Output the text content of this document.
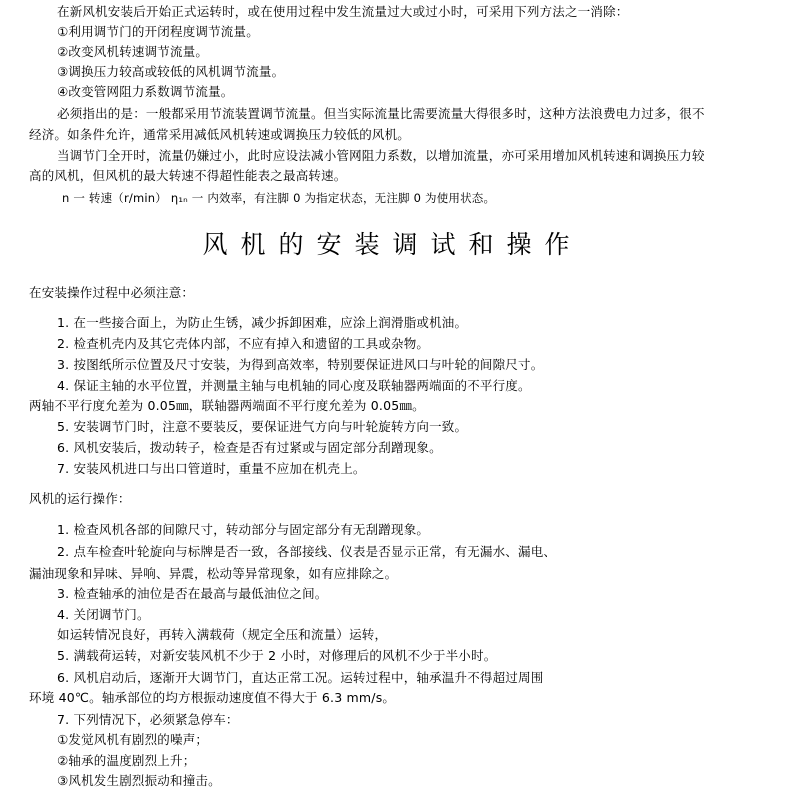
在新风机安装后开始正式运转时，或在使用过程中发生流量过大或过小时，可采用下列方法之一消除：
①利用调节门的开闭程度调节流量。
②改变风机转速调节流量。
③调换压力较高或较低的风机调节流量。
④改变管网阻力系数调节流量。
必须指出的是：一般都采用节流装置调节流量。但当实际流量比需要流量大得很多时，这种方法浪费电力过多，很不
经济。如条件允许，通常采用减低风机转速或调换压力较低的风机。
当调节门全开时，流量仍嫌过小，此时应设法减小管网阻力系数，以增加流量，亦可采用增加风机转速和调换压力较
高的风机，但风机的最大转速不得超性能表之最高转速。
n 一 转速（r/min） η₁ₙ 一 内效率，有注脚 0 为指定状态，无注脚 0 为使用状态。
风机的安装调试和操作
在安装操作过程中必须注意：
1. 在一些接合面上，为防止生锈，减少拆卸困难，应涂上润滑脂或机油。
2. 检查机壳内及其它壳体内部，不应有掉入和遗留的工具或杂物。
3. 按图纸所示位置及尺寸安装，为得到高效率，特别要保证进风口与叶轮的间隙尺寸。
4. 保证主轴的水平位置，并测量主轴与电机轴的同心度及联轴器两端面的不平行度。
两轴不平行度允差为 0.05㎜，联轴器两端面不平行度允差为 0.05㎜。
5. 安装调节门时，注意不要装反，要保证进气方向与叶轮旋转方向一致。
6. 风机安装后，拨动转子，检查是否有过紧或与固定部分刮蹭现象。
7. 安装风机进口与出口管道时，重量不应加在机壳上。
风机的运行操作：
1. 检查风机各部的间隙尺寸，转动部分与固定部分有无刮蹭现象。
2. 点车检查叶轮旋向与标牌是否一致，各部接线、仪表是否显示正常，有无漏水、漏电、
漏油现象和异味、异响、异震，松动等异常现象，如有应排除之。
3. 检查轴承的油位是否在最高与最低油位之间。
4. 关闭调节门。
如运转情况良好，再转入满载荷（规定全压和流量）运转，
5. 满载荷运转，对新安装风机不少于 2 小时，对修理后的风机不少于半小时。
6. 风机启动后，逐渐开大调节门，直达正常工况。运转过程中，轴承温升不得超过周围
环境 40℃。轴承部位的均方根振动速度值不得大于 6.3 mm/s。
7. 下列情况下，必须紧急停车：
①发觉风机有剧烈的噪声；
②轴承的温度剧烈上升；
③风机发生剧烈振动和撞击。
